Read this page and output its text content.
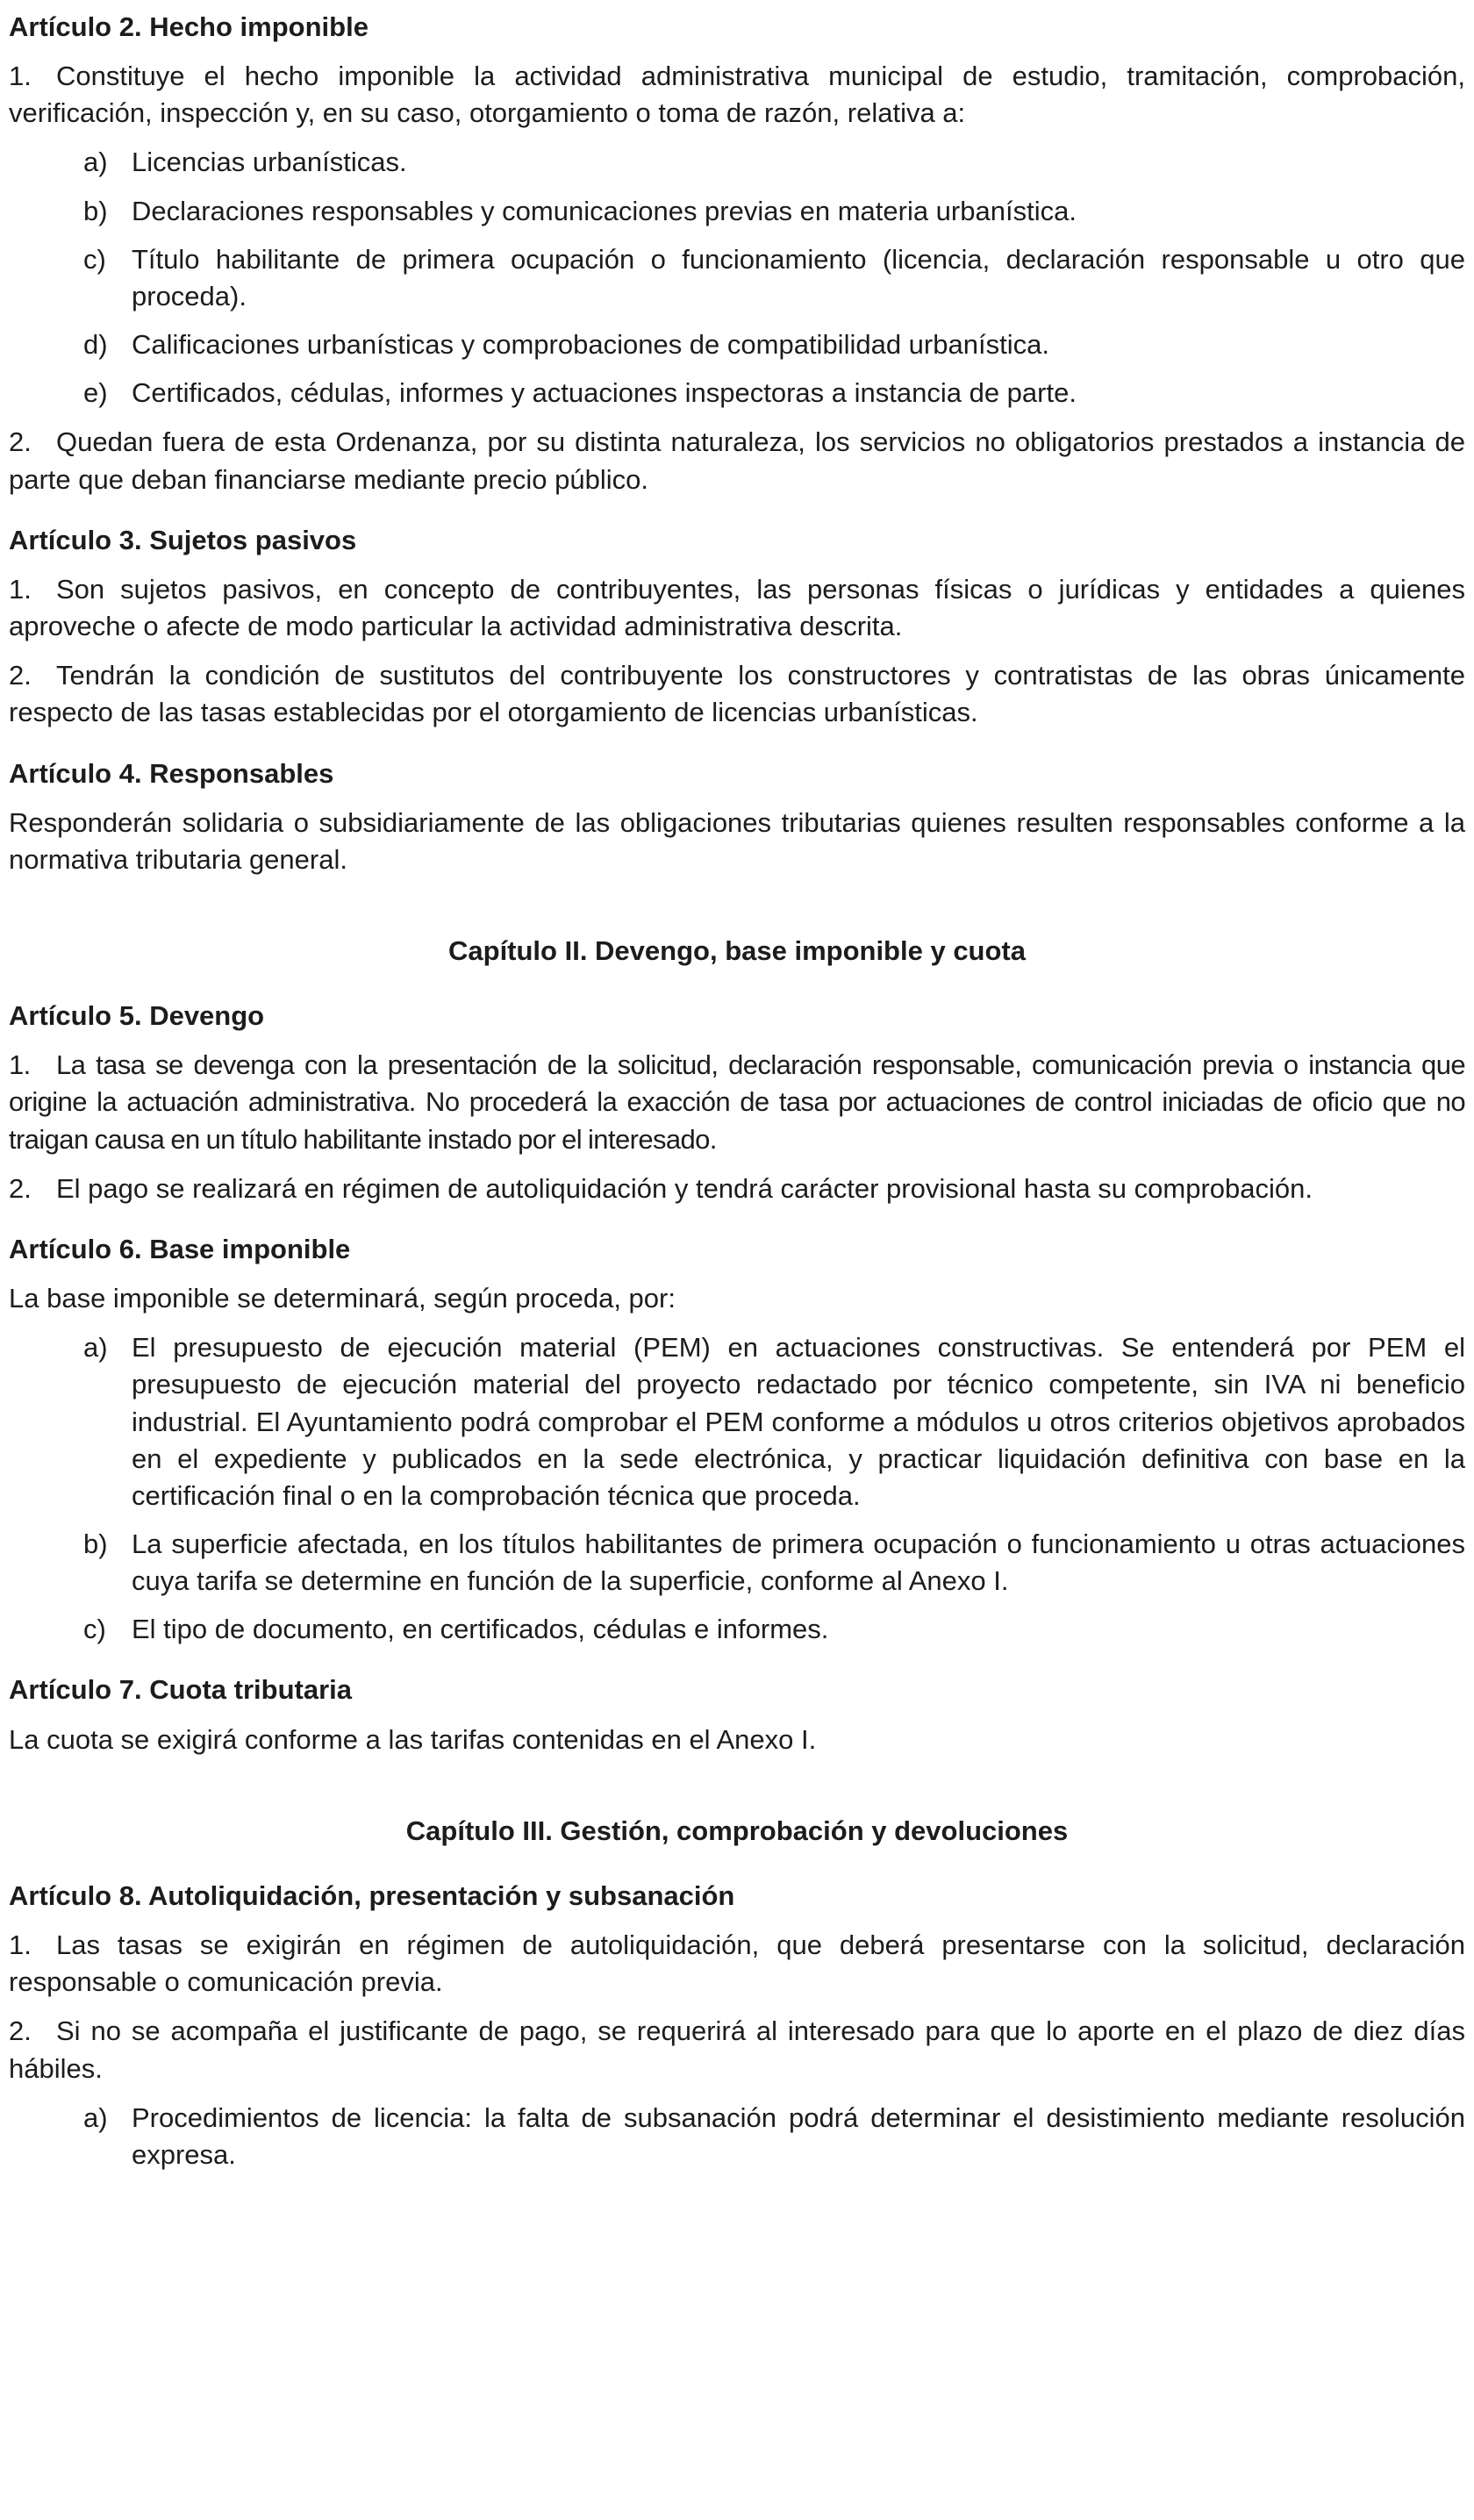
Artículo 2. Hecho imponible

1. Constituye el hecho imponible la actividad administrativa municipal de estudio, tramitación, comprobación, verificación, inspección y, en su caso, otorgamiento o toma de razón, relativa a:

a) Licencias urbanísticas.

b) Declaraciones responsables y comunicaciones previas en materia urbanística.

c) Título habilitante de primera ocupación o funcionamiento (licencia, declaración responsable u otro que proceda).

d) Calificaciones urbanísticas y comprobaciones de compatibilidad urbanística.

e) Certificados, cédulas, informes y actuaciones inspectoras a instancia de parte.

2. Quedan fuera de esta Ordenanza, por su distinta naturaleza, los servicios no obligatorios prestados a instancia de parte que deban financiarse mediante precio público.

Artículo 3. Sujetos pasivos

1. Son sujetos pasivos, en concepto de contribuyentes, las personas físicas o jurídicas y entidades a quienes aproveche o afecte de modo particular la actividad administrativa descrita.

2. Tendrán la condición de sustitutos del contribuyente los constructores y contratistas de las obras únicamente respecto de las tasas establecidas por el otorgamiento de licencias urbanísticas.

Artículo 4. Responsables

Responderán solidaria o subsidiariamente de las obligaciones tributarias quienes resulten responsables conforme a la normativa tributaria general.

Capítulo II. Devengo, base imponible y cuota
Artículo 5. Devengo

1. La tasa se devenga con la presentación de la solicitud, declaración responsable, comunicación previa o instancia que origine la actuación administrativa. No procederá la exacción de tasa por actuaciones de control iniciadas de oficio que no traigan causa en un título habilitante instado por el interesado.

2. El pago se realizará en régimen de autoliquidación y tendrá carácter provisional hasta su comprobación.

Artículo 6. Base imponible

La base imponible se determinará, según proceda, por:

a) El presupuesto de ejecución material (PEM) en actuaciones constructivas. Se entenderá por PEM el presupuesto de ejecución material del proyecto redactado por técnico competente, sin IVA ni beneficio industrial. El Ayuntamiento podrá comprobar el PEM conforme a módulos u otros criterios objetivos aprobados en el expediente y publicados en la sede electrónica, y practicar liquidación definitiva con base en la certificación final o en la comprobación técnica que proceda.

b) La superficie afectada, en los títulos habilitantes de primera ocupación o funcionamiento u otras actuaciones cuya tarifa se determine en función de la superficie, conforme al Anexo I.

c) El tipo de documento, en certificados, cédulas e informes.

Artículo 7. Cuota tributaria

La cuota se exigirá conforme a las tarifas contenidas en el Anexo I.

Capítulo III. Gestión, comprobación y devoluciones
Artículo 8. Autoliquidación, presentación y subsanación

1. Las tasas se exigirán en régimen de autoliquidación, que deberá presentarse con la solicitud, declaración responsable o comunicación previa.

2. Si no se acompaña el justificante de pago, se requerirá al interesado para que lo aporte en el plazo de diez días hábiles.

a) Procedimientos de licencia: la falta de subsanación podrá determinar el desistimiento mediante resolución expresa.
